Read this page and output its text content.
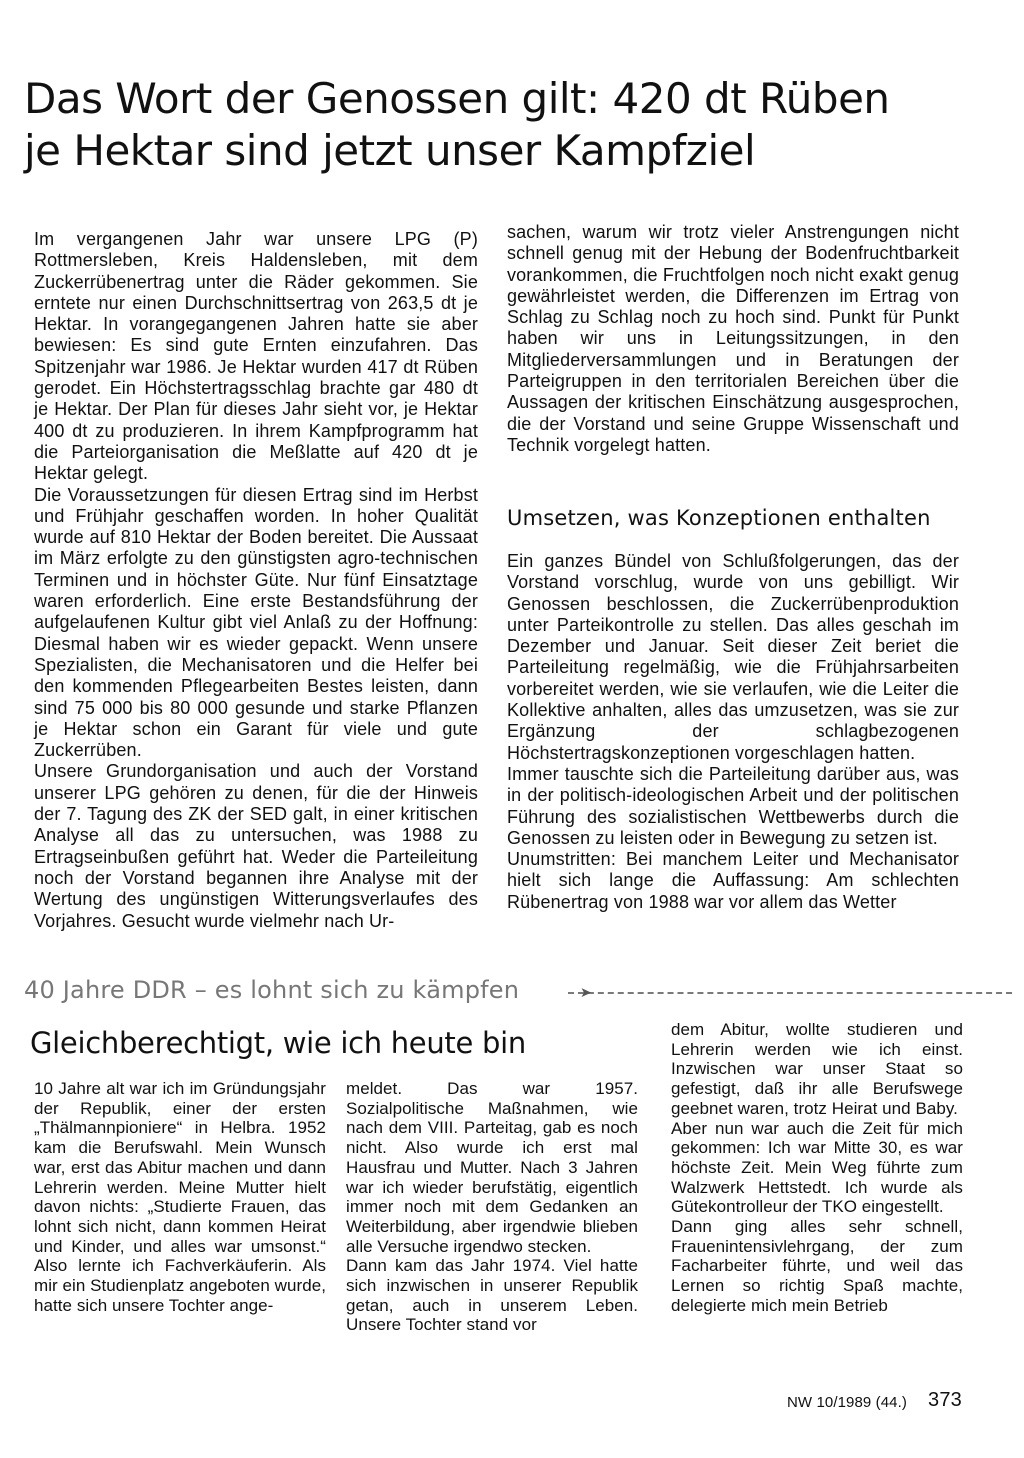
Das Wort der Genossen gilt: 420 dt Rüben je Hektar sind jetzt unser Kampfziel

Im vergangenen Jahr war unsere LPG (P) Rottmersleben, Kreis Haldensleben, mit dem Zuckerrübenertrag unter die Räder gekommen. Sie erntete nur einen Durchschnittsertrag von 263,5 dt je Hektar. In vorangegangenen Jahren hatte sie aber bewiesen: Es sind gute Ernten einzufahren. Das Spitzenjahr war 1986. Je Hektar wurden 417 dt Rüben gerodet. Ein Höchstertragsschlag brachte gar 480 dt je Hektar. Der Plan für dieses Jahr sieht vor, je Hektar 400 dt zu produzieren. In ihrem Kampfprogramm hat die Parteiorganisation die Meßlatte auf 420 dt je Hektar gelegt.

Die Voraussetzungen für diesen Ertrag sind im Herbst und Frühjahr geschaffen worden. In hoher Qualität wurde auf 810 Hektar der Boden bereitet. Die Aussaat im März erfolgte zu den günstigsten agro-technischen Terminen und in höchster Güte. Nur fünf Einsatztage waren erforderlich. Eine erste Bestandsführung der aufgelaufenen Kultur gibt viel Anlaß zu der Hoffnung: Diesmal haben wir es wieder gepackt. Wenn unsere Spezialisten, die Mechanisatoren und die Helfer bei den kommenden Pflegearbeiten Bestes leisten, dann sind 75 000 bis 80 000 gesunde und starke Pflanzen je Hektar schon ein Garant für viele und gute Zuckerrüben.

Unsere Grundorganisation und auch der Vorstand unserer LPG gehören zu denen, für die der Hinweis der 7. Tagung des ZK der SED galt, in einer kritischen Analyse all das zu untersuchen, was 1988 zu Ertragseinbußen geführt hat. Weder die Parteileitung noch der Vorstand begannen ihre Analyse mit der Wertung des ungünstigen Witterungsverlaufes des Vorjahres. Gesucht wurde vielmehr nach Ur-

sachen, warum wir trotz vieler Anstrengungen nicht schnell genug mit der Hebung der Bodenfruchtbarkeit vorankommen, die Fruchtfolgen noch nicht exakt genug gewährleistet werden, die Differenzen im Ertrag von Schlag zu Schlag noch zu hoch sind. Punkt für Punkt haben wir uns in Leitungssitzungen, in den Mitgliederversammlungen und in Beratungen der Parteigruppen in den territorialen Bereichen über die Aussagen der kritischen Einschätzung ausgesprochen, die der Vorstand und seine Gruppe Wissenschaft und Technik vorgelegt hatten.

Umsetzen, was Konzeptionen enthalten

Ein ganzes Bündel von Schlußfolgerungen, das der Vorstand vorschlug, wurde von uns gebilligt. Wir Genossen beschlossen, die Zuckerrübenproduktion unter Parteikontrolle zu stellen. Das alles geschah im Dezember und Januar. Seit dieser Zeit beriet die Parteileitung regelmäßig, wie die Frühjahrsarbeiten vorbereitet werden, wie sie verlaufen, wie die Leiter die Kollektive anhalten, alles das umzusetzen, was sie zur Ergänzung der schlagbezogenen Höchstertragskonzeptionen vorgeschlagen hatten.

Immer tauschte sich die Parteileitung darüber aus, was in der politisch-ideologischen Arbeit und der politischen Führung des sozialistischen Wettbewerbs durch die Genossen zu leisten oder in Bewegung zu setzen ist.

Unumstritten: Bei manchem Leiter und Mechanisator hielt sich lange die Auffassung: Am schlechten Rübenertrag von 1988 war vor allem das Wetter

40 Jahre DDR – es lohnt sich zu kämpfen	➤
Gleichberechtigt, wie ich heute bin

10 Jahre alt war ich im Gründungsjahr der Republik, einer der ersten „Thälmannpioniere“ in Helbra. 1952 kam die Berufswahl. Mein Wunsch war, erst das Abitur machen und dann Lehrerin werden. Meine Mutter hielt davon nichts: „Studierte Frauen, das lohnt sich nicht, dann kommen Heirat und Kinder, und alles war umsonst.“ Also lernte ich Fachverkäuferin. Als mir ein Studienplatz angeboten wurde, hatte sich unsere Tochter ange-

meldet. Das war 1957. Sozialpolitische Maßnahmen, wie nach dem VIII. Parteitag, gab es noch nicht. Also wurde ich erst mal Hausfrau und Mutter. Nach 3 Jahren war ich wieder berufstätig, eigentlich immer noch mit dem Gedanken an Weiterbildung, aber irgendwie blieben alle Versuche irgendwo stecken.

Dann kam das Jahr 1974. Viel hatte sich inzwischen in unserer Republik getan, auch in unserem Leben. Unsere Tochter stand vor

dem Abitur, wollte studieren und Lehrerin werden wie ich einst. Inzwischen war unser Staat so gefestigt, daß ihr alle Berufswege geebnet waren, trotz Heirat und Baby.

Aber nun war auch die Zeit für mich gekommen: Ich war Mitte 30, es war höchste Zeit. Mein Weg führte zum Walzwerk Hettstedt. Ich wurde als Gütekontrolleur der TKO eingestellt.

Dann ging alles sehr schnell, Frauenintensivlehrgang, der zum Facharbeiter führte, und weil das Lernen so richtig Spaß machte, delegierte mich mein Betrieb

NW 10/1989 (44.) 373
